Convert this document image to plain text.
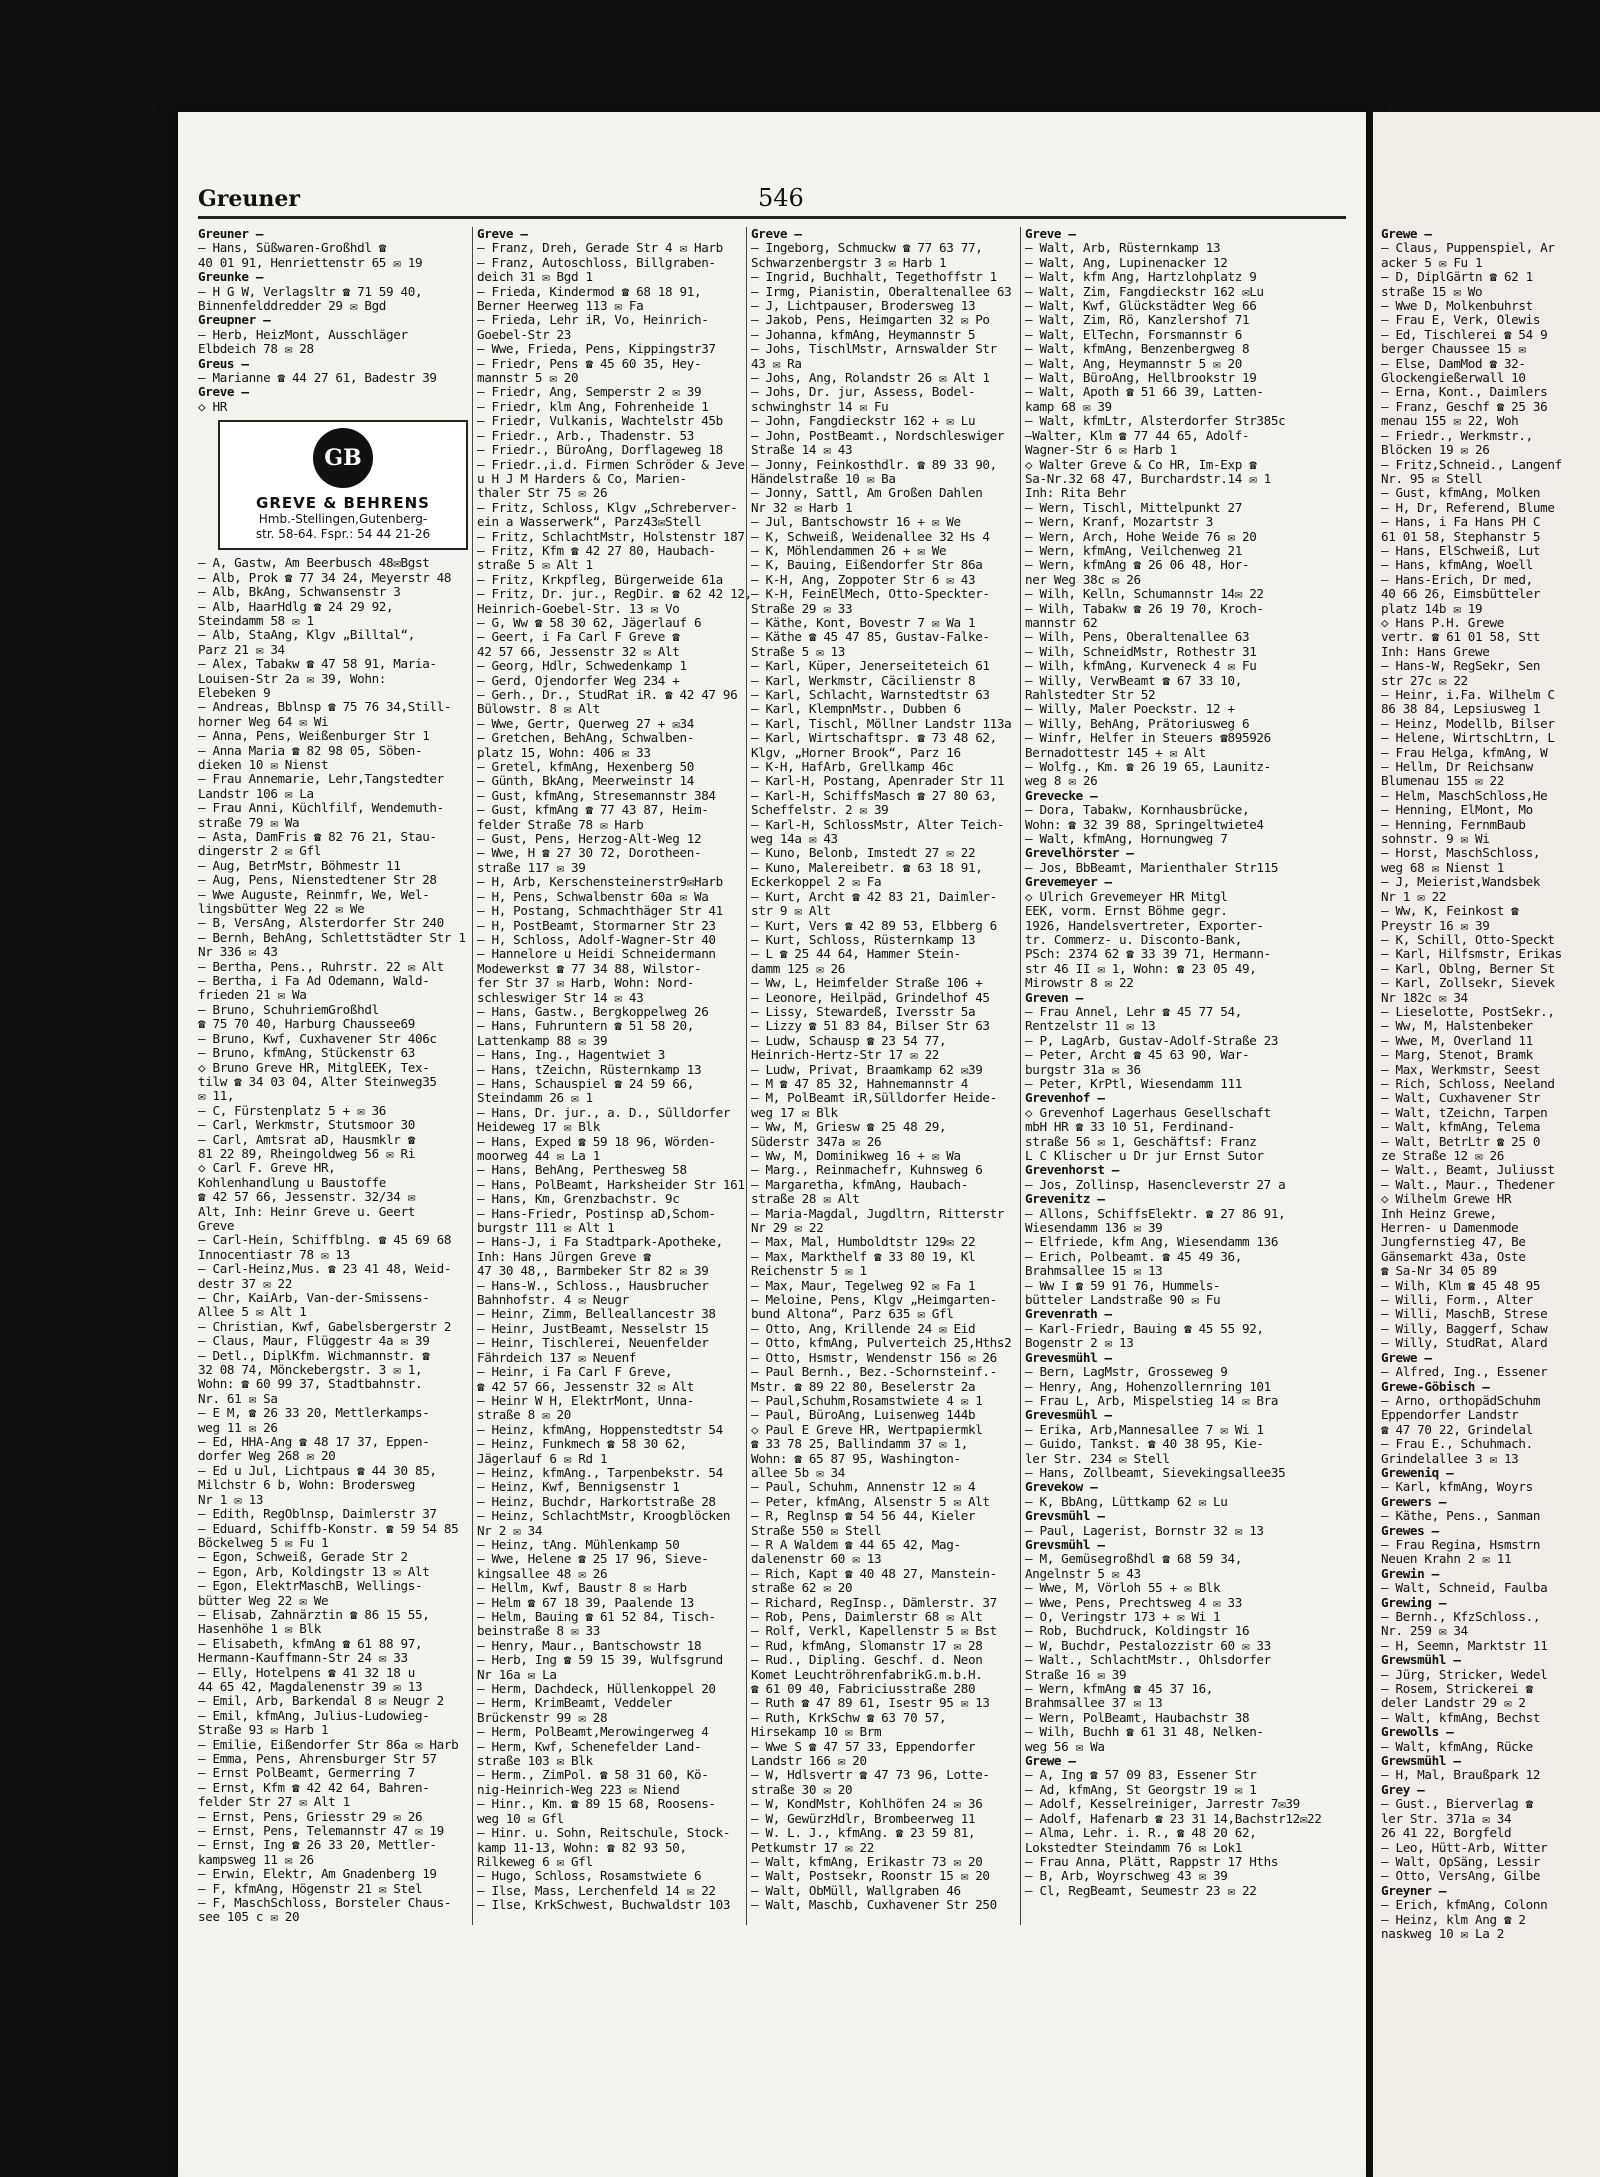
Greuner	546
Greuner —
— Hans, Süßwaren-Großhdl ☎
40 01 91, Henriettenstr 65 ✉ 19
Greunke —
— H G W, Verlagsltr ☎ 71 59 40,
Binnenfelddredder 29 ✉ Bgd
Greupner —
— Herb, HeizMont, Ausschläger
Elbdeich 78 ✉ 28
Greus —
— Marianne ☎ 44 27 61, Badestr 39
Greve —
◇ HR
GB
GREVE & BEHRENS
Hmb.-Stellingen,Gutenberg-
str. 58-64. Fspr.: 54 44 21-26
— A, Gastw, Am Beerbusch 48✉Bgst
— Alb, Prok ☎ 77 34 24, Meyerstr 48
— Alb, BkAng, Schwansenstr 3
— Alb, HaarHdlg ☎ 24 29 92,
Steindamm 58 ✉ 1
— Alb, StaAng, Klgv „Billtal“,
Parz 21 ✉ 34
— Alex, Tabakw ☎ 47 58 91, Maria-
Louisen-Str 2a ✉ 39, Wohn:
Elebeken 9
— Andreas, Bblnsp ☎ 75 76 34,Still-
horner Weg 64 ✉ Wi
— Anna, Pens, Weißenburger Str 1
— Anna Maria ☎ 82 98 05, Söben-
dieken 10 ✉ Nienst
— Frau Annemarie, Lehr,Tangstedter
Landstr 106 ✉ La
— Frau Anni, Küchlfilf, Wendemuth-
straße 79 ✉ Wa
— Asta, DamFris ☎ 82 76 21, Stau-
dingerstr 2 ✉ Gfl
— Aug, BetrMstr, Böhmestr 11
— Aug, Pens, Nienstedtener Str 28
— Wwe Auguste, Reinmfr, We, Wel-
lingsbütter Weg 22 ✉ We
— B, VersAng, Alsterdorfer Str 240
— Bernh, BehAng, Schlettstädter Str 1
Nr 336 ✉ 43
— Bertha, Pens., Ruhrstr. 22 ✉ Alt
— Bertha, i Fa Ad Odemann, Wald-
frieden 21 ✉ Wa
— Bruno, SchuhriemGroßhdl
☎ 75 70 40, Harburg Chaussee69
— Bruno, Kwf, Cuxhavener Str 406c
— Bruno, kfmAng, Stückenstr 63
◇ Bruno Greve HR, MitglEEK, Tex-
tilw ☎ 34 03 04, Alter Steinweg35
✉ 11,
— C, Fürstenplatz 5 + ✉ 36
— Carl, Werkmstr, Stutsmoor 30
— Carl, Amtsrat aD, Hausmklr ☎
81 22 89, Rheingoldweg 56 ✉ Ri
◇ Carl F. Greve HR,
Kohlenhandlung u Baustoffe
☎ 42 57 66, Jessenstr. 32/34 ✉
Alt, Inh: Heinr Greve u. Geert
Greve
— Carl-Hein, Schiffblng. ☎ 45 69 68
Innocentiastr 78 ✉ 13
— Carl-Heinz,Mus. ☎ 23 41 48, Weid-
destr 37 ✉ 22
— Chr, KaiArb, Van-der-Smissens-
Allee 5 ✉ Alt 1
— Christian, Kwf, Gabelsbergerstr 2
— Claus, Maur, Flüggestr 4a ✉ 39
— Detl., DiplKfm. Wichmannstr. ☎
32 08 74, Mönckebergstr. 3 ✉ 1,
Wohn: ☎ 60 99 37, Stadtbahnstr.
Nr. 61 ✉ Sa
— E M, ☎ 26 33 20, Mettlerkamps-
weg 11 ✉ 26
— Ed, HHA-Ang ☎ 48 17 37, Eppen-
dorfer Weg 268 ✉ 20
— Ed u Jul, Lichtpaus ☎ 44 30 85,
Milchstr 6 b, Wohn: Brodersweg
Nr 1 ✉ 13
— Edith, RegOblnsp, Daimlerstr 37
— Eduard, Schiffb-Konstr. ☎ 59 54 85
Böckelweg 5 ✉ Fu 1
— Egon, Schweiß, Gerade Str 2
— Egon, Arb, Koldingstr 13 ✉ Alt
— Egon, ElektrMaschB, Wellings-
bütter Weg 22 ✉ We
— Elisab, Zahnärztin ☎ 86 15 55,
Hasenhöhe 1 ✉ Blk
— Elisabeth, kfmAng ☎ 61 88 97,
Hermann-Kauffmann-Str 24 ✉ 33
— Elly, Hotelpens ☎ 41 32 18 u
44 65 42, Magdalenenstr 39 ✉ 13
— Emil, Arb, Barkendal 8 ✉ Neugr 2
— Emil, kfmAng, Julius-Ludowieg-
Straße 93 ✉ Harb 1
— Emilie, Eißendorfer Str 86a ✉ Harb
— Emma, Pens, Ahrensburger Str 57
— Ernst PolBeamt, Germerring 7
— Ernst, Kfm ☎ 42 42 64, Bahren-
felder Str 27 ✉ Alt 1
— Ernst, Pens, Griesstr 29 ✉ 26
— Ernst, Pens, Telemannstr 47 ✉ 19
— Ernst, Ing ☎ 26 33 20, Mettler-
kampsweg 11 ✉ 26
— Erwin, Elektr, Am Gnadenberg 19
— F, kfmAng, Högenstr 21 ✉ Stel
— F, MaschSchloss, Borsteler Chaus-
see 105 c ✉ 20
Greve —
— Franz, Dreh, Gerade Str 4 ✉ Harb
— Franz, Autoschloss, Billgraben-
deich 31 ✉ Bgd 1
— Frieda, Kindermod ☎ 68 18 91,
Berner Heerweg 113 ✉ Fa
— Frieda, Lehr iR, Vo, Heinrich-
Goebel-Str 23
— Wwe, Frieda, Pens, Kippingstr37
— Friedr, Pens ☎ 45 60 35, Hey-
mannstr 5 ✉ 20
— Friedr, Ang, Semperstr 2 ✉ 39
— Friedr, klm Ang, Fohrenheide 1
— Friedr, Vulkanis, Wachtelstr 45b
— Friedr., Arb., Thadenstr. 53
— Friedr., BüroAng, Dorflageweg 18
— Friedr.,i.d. Firmen Schröder & Jeve
u H J M Harders & Co, Marien-
thaler Str 75 ✉ 26
— Fritz, Schloss, Klgv „Schreberver-
ein a Wasserwerk“, Parz43✉Stell
— Fritz, SchlachtMstr, Holstenstr 187
— Fritz, Kfm ☎ 42 27 80, Haubach-
straße 5 ✉ Alt 1
— Fritz, Krkpfleg, Bürgerweide 61a
— Fritz, Dr. jur., RegDir. ☎ 62 42 12,
Heinrich-Goebel-Str. 13 ✉ Vo
— G, Ww ☎ 58 30 62, Jägerlauf 6
— Geert, i Fa Carl F Greve ☎
42 57 66, Jessenstr 32 ✉ Alt
— Georg, Hdlr, Schwedenkamp 1
— Gerd, Ojendorfer Weg 234 +
— Gerh., Dr., StudRat iR. ☎ 42 47 96
Bülowstr. 8 ✉ Alt
— Wwe, Gertr, Querweg 27 + ✉34
— Gretchen, BehAng, Schwalben-
platz 15, Wohn: 406 ✉ 33
— Gretel, kfmAng, Hexenberg 50
— Günth, BkAng, Meerweinstr 14
— Gust, kfmAng, Stresemannstr 384
— Gust, kfmAng ☎ 77 43 87, Heim-
felder Straße 78 ✉ Harb
— Gust, Pens, Herzog-Alt-Weg 12
— Wwe, H ☎ 27 30 72, Dorotheen-
straße 117 ✉ 39
— H, Arb, Kerschensteinerstr9✉Harb
— H, Pens, Schwalbenstr 60a ✉ Wa
— H, Postang, Schmachthäger Str 41
— H, PostBeamt, Stormarner Str 23
— H, Schloss, Adolf-Wagner-Str 40
— Hannelore u Heidi Schneidermann
Modewerkst ☎ 77 34 88, Wilstor-
fer Str 37 ✉ Harb, Wohn: Nord-
schleswiger Str 14 ✉ 43
— Hans, Gastw., Bergkoppelweg 26
— Hans, Fuhruntern ☎ 51 58 20,
Lattenkamp 88 ✉ 39
— Hans, Ing., Hagentwiet 3
— Hans, tZeichn, Rüsternkamp 13
— Hans, Schauspiel ☎ 24 59 66,
Steindamm 26 ✉ 1
— Hans, Dr. jur., a. D., Sülldorfer
Heideweg 17 ✉ Blk
— Hans, Exped ☎ 59 18 96, Wörden-
moorweg 44 ✉ La 1
— Hans, BehAng, Perthesweg 58
— Hans, PolBeamt, Harksheider Str 161
— Hans, Km, Grenzbachstr. 9c
— Hans-Friedr, Postinsp aD,Schom-
burgstr 111 ✉ Alt 1
— Hans-J, i Fa Stadtpark-Apotheke,
Inh: Hans Jürgen Greve ☎
47 30 48,, Barmbeker Str 82 ✉ 39
— Hans-W., Schloss., Hausbrucher
Bahnhofstr. 4 ✉ Neugr
— Heinr, Zimm, Belleallancestr 38
— Heinr, JustBeamt, Nesselstr 15
— Heinr, Tischlerei, Neuenfelder
Fährdeich 137 ✉ Neuenf
— Heinr, i Fa Carl F Greve,
☎ 42 57 66, Jessenstr 32 ✉ Alt
— Heinr W H, ElektrMont, Unna-
straße 8 ✉ 20
— Heinz, kfmAng, Hoppenstedtstr 54
— Heinz, Funkmech ☎ 58 30 62,
Jägerlauf 6 ✉ Rd 1
— Heinz, kfmAng., Tarpenbekstr. 54
— Heinz, Kwf, Bennigsenstr 1
— Heinz, Buchdr, Harkortstraße 28
— Heinz, SchlachtMstr, Kroogblöcken
Nr 2 ✉ 34
— Heinz, tAng. Mühlenkamp 50
— Wwe, Helene ☎ 25 17 96, Sieve-
kingsallee 48 ✉ 26
— Hellm, Kwf, Baustr 8 ✉ Harb
— Helm ☎ 67 18 39, Paalende 13
— Helm, Bauing ☎ 61 52 84, Tisch-
beinstraße 8 ✉ 33
— Henry, Maur., Bantschowstr 18
— Herb, Ing ☎ 59 15 39, Wulfsgrund
Nr 16a ✉ La
— Herm, Dachdeck, Hüllenkoppel 20
— Herm, KrimBeamt, Veddeler
Brückenstr 99 ✉ 28
— Herm, PolBeamt,Merowingerweg 4
— Herm, Kwf, Schenefelder Land-
straße 103 ✉ Blk
— Herm., ZimPol. ☎ 58 31 60, Kö-
nig-Heinrich-Weg 223 ✉ Niend
— Hinr., Km. ☎ 89 15 68, Roosens-
weg 10 ✉ Gfl
— Hinr. u. Sohn, Reitschule, Stock-
kamp 11-13, Wohn: ☎ 82 93 50,
Rilkeweg 6 ✉ Gfl
— Hugo, Schloss, Rosamstwiete 6
— Ilse, Mass, Lerchenfeld 14 ✉ 22
— Ilse, KrkSchwest, Buchwaldstr 103
Greve —
— Ingeborg, Schmuckw ☎ 77 63 77,
Schwarzenbergstr 3 ✉ Harb 1
— Ingrid, Buchhalt, Tegethoffstr 1
— Irmg, Pianistin, Oberaltenallee 63
— J, Lichtpauser, Brodersweg 13
— Jakob, Pens, Heimgarten 32 ✉ Po
— Johanna, kfmAng, Heymannstr 5
— Johs, TischlMstr, Arnswalder Str
43 ✉ Ra
— Johs, Ang, Rolandstr 26 ✉ Alt 1
— Johs, Dr. jur, Assess, Bodel-
schwinghstr 14 ✉ Fu
— John, Fangdieckstr 162 + ✉ Lu
— John, PostBeamt., Nordschleswiger
Straße 14 ✉ 43
— Jonny, Feinkosthdlr. ☎ 89 33 90,
Händelstraße 10 ✉ Ba
— Jonny, Sattl, Am Großen Dahlen
Nr 32 ✉ Harb 1
— Jul, Bantschowstr 16 + ✉ We
— K, Schweiß, Weidenallee 32 Hs 4
— K, Möhlendammen 26 + ✉ We
— K, Bauing, Eißendorfer Str 86a
— K-H, Ang, Zoppoter Str 6 ✉ 43
— K-H, FeinElMech, Otto-Speckter-
Straße 29 ✉ 33
— Käthe, Kont, Bovestr 7 ✉ Wa 1
— Käthe ☎ 45 47 85, Gustav-Falke-
Straße 5 ✉ 13
— Karl, Küper, Jenerseiteteich 61
— Karl, Werkmstr, Cäcilienstr 8
— Karl, Schlacht, Warnstedtstr 63
— Karl, KlempnMstr., Dubben 6
— Karl, Tischl, Möllner Landstr 113a
— Karl, Wirtschaftspr. ☎ 73 48 62,
Klgv, „Horner Brook“, Parz 16
— K-H, HafArb, Grellkamp 46c
— Karl-H, Postang, Apenrader Str 11
— Karl-H, SchiffsMasch ☎ 27 80 63,
Scheffelstr. 2 ✉ 39
— Karl-H, SchlossMstr, Alter Teich-
weg 14a ✉ 43
— Kuno, Belonb, Imstedt 27 ✉ 22
— Kuno, Malereibetr. ☎ 63 18 91,
Eckerkoppel 2 ✉ Fa
— Kurt, Archt ☎ 42 83 21, Daimler-
str 9 ✉ Alt
— Kurt, Vers ☎ 42 89 53, Elbberg 6
— Kurt, Schloss, Rüsternkamp 13
— L ☎ 25 44 64, Hammer Stein-
damm 125 ✉ 26
— Ww, L, Heimfelder Straße 106 +
— Leonore, Heilpäd, Grindelhof 45
— Lissy, Stewardeß, Iversstr 5a
— Lizzy ☎ 51 83 84, Bilser Str 63
— Ludw, Schausp ☎ 23 54 77,
Heinrich-Hertz-Str 17 ✉ 22
— Ludw, Privat, Braamkamp 62 ✉39
— M ☎ 47 85 32, Hahnemannstr 4
— M, PolBeamt iR,Sülldorfer Heide-
weg 17 ✉ Blk
— Ww, M, Griesw ☎ 25 48 29,
Süderstr 347a ✉ 26
— Ww, M, Dominikweg 16 + ✉ Wa
— Marg., Reinmachefr, Kuhnsweg 6
— Margaretha, kfmAng, Haubach-
straße 28 ✉ Alt
— Maria-Magdal, Jugdltrn, Ritterstr
Nr 29 ✉ 22
— Max, Mal, Humboldtstr 129✉ 22
— Max, Markthelf ☎ 33 80 19, Kl
Reichenstr 5 ✉ 1
— Max, Maur, Tegelweg 92 ✉ Fa 1
— Meloine, Pens, Klgv „Heimgarten-
bund Altona“, Parz 635 ✉ Gfl
— Otto, Ang, Krillende 24 ✉ Eid
— Otto, kfmAng, Pulverteich 25,Hths2
— Otto, Hsmstr, Wendenstr 156 ✉ 26
— Paul Bernh., Bez.-Schornsteinf.-
Mstr. ☎ 89 22 80, Beselerstr 2a
— Paul,Schuhm,Rosamstwiete 4 ✉ 1
— Paul, BüroAng, Luisenweg 144b
◇ Paul E Greve HR, Wertpapiermkl
☎ 33 78 25, Ballindamm 37 ✉ 1,
Wohn: ☎ 65 87 95, Washington-
allee 5b ✉ 34
— Paul, Schuhm, Annenstr 12 ✉ 4
— Peter, kfmAng, Alsenstr 5 ✉ Alt
— R, Reglnsp ☎ 54 56 44, Kieler
Straße 550 ✉ Stell
— R A Waldem ☎ 44 65 42, Mag-
dalenenstr 60 ✉ 13
— Rich, Kapt ☎ 40 48 27, Manstein-
straße 62 ✉ 20
— Richard, RegInsp., Dämlerstr. 37
— Rob, Pens, Daimlerstr 68 ✉ Alt
— Rolf, Verkl, Kapellenstr 5 ✉ Bst
— Rud, kfmAng, Slomanstr 17 ✉ 28
— Rud., Dipling. Geschf. d. Neon
Komet LeuchtröhrenfabrikG.m.b.H.
☎ 61 09 40, Fabriciusstraße 280
— Ruth ☎ 47 89 61, Isestr 95 ✉ 13
— Ruth, KrkSchw ☎ 63 70 57,
Hirsekamp 10 ✉ Brm
— Wwe S ☎ 47 57 33, Eppendorfer
Landstr 166 ✉ 20
— W, Hdlsvertr ☎ 47 73 96, Lotte-
straße 30 ✉ 20
— W, KondMstr, Kohlhöfen 24 ✉ 36
— W, GewürzHdlr, Brombeerweg 11
— W. L. J., kfmAng. ☎ 23 59 81,
Petkumstr 17 ✉ 22
— Walt, kfmAng, Erikastr 73 ✉ 20
— Walt, Postsekr, Roonstr 15 ✉ 20
— Walt, ObMüll, Wallgraben 46
— Walt, Maschb, Cuxhavener Str 250
Greve —
— Walt, Arb, Rüsternkamp 13
— Walt, Ang, Lupinenacker 12
— Walt, kfm Ang, Hartzlohplatz 9
— Walt, Zim, Fangdieckstr 162 ✉Lu
— Walt, Kwf, Glückstädter Weg 66
— Walt, Zim, Rö, Kanzlershof 71
— Walt, ElTechn, Forsmannstr 6
— Walt, kfmAng, Benzenbergweg 8
— Walt, Ang, Heymannstr 5 ✉ 20
— Walt, BüroAng, Hellbrookstr 19
— Walt, Apoth ☎ 51 66 39, Latten-
kamp 68 ✉ 39
— Walt, kfmLtr, Alsterdorfer Str385c
—Walter, Klm ☎ 77 44 65, Adolf-
Wagner-Str 6 ✉ Harb 1
◇ Walter Greve & Co HR, Im-Exp ☎
Sa-Nr.32 68 47, Burchardstr.14 ✉ 1
Inh: Rita Behr
— Wern, Tischl, Mittelpunkt 27
— Wern, Kranf, Mozartstr 3
— Wern, Arch, Hohe Weide 76 ✉ 20
— Wern, kfmAng, Veilchenweg 21
— Wern, kfmAng ☎ 26 06 48, Hor-
ner Weg 38c ✉ 26
— Wilh, Kelln, Schumannstr 14✉ 22
— Wilh, Tabakw ☎ 26 19 70, Kroch-
mannstr 62
— Wilh, Pens, Oberaltenallee 63
— Wilh, SchneidMstr, Rothestr 31
— Wilh, kfmAng, Kurveneck 4 ✉ Fu
— Willy, VerwBeamt ☎ 67 33 10,
Rahlstedter Str 52
— Willy, Maler Poeckstr. 12 +
— Willy, BehAng, Prätoriusweg 6
— Winfr, Helfer in Steuers ☎895926
Bernadottestr 145 + ✉ Alt
— Wolfg., Km. ☎ 26 19 65, Launitz-
weg 8 ✉ 26
Grevecke —
— Dora, Tabakw, Kornhausbrücke,
Wohn: ☎ 32 39 88, Springeltwiete4
— Walt, kfmAng, Hornungweg 7
Grevelhörster —
— Jos, BbBeamt, Marienthaler Str115
Grevemeyer —
◇ Ulrich Grevemeyer HR Mitgl
EEK, vorm. Ernst Böhme gegr.
1926, Handelsvertreter, Exporter-
tr. Commerz- u. Disconto-Bank,
PSch: 2374 62 ☎ 33 39 71, Hermann-
str 46 II ✉ 1, Wohn: ☎ 23 05 49,
Mirowstr 8 ✉ 22
Greven —
— Frau Annel, Lehr ☎ 45 77 54,
Rentzelstr 11 ✉ 13
— P, LagArb, Gustav-Adolf-Straße 23
— Peter, Archt ☎ 45 63 90, War-
burgstr 31a ✉ 36
— Peter, KrPtl, Wiesendamm 111
Grevenhof —
◇ Grevenhof Lagerhaus Gesellschaft
mbH HR ☎ 33 10 51, Ferdinand-
straße 56 ✉ 1, Geschäftsf: Franz
L C Klischer u Dr jur Ernst Sutor
Grevenhorst —
— Jos, Zollinsp, Hasencleverstr 27 a
Grevenitz —
— Allons, SchiffsElektr. ☎ 27 86 91,
Wiesendamm 136 ✉ 39
— Elfriede, kfm Ang, Wiesendamm 136
— Erich, Polbeamt. ☎ 45 49 36,
Brahmsallee 15 ✉ 13
— Ww I ☎ 59 91 76, Hummels-
bütteler Landstraße 90 ✉ Fu
Grevenrath —
— Karl-Friedr, Bauing ☎ 45 55 92,
Bogenstr 2 ✉ 13
Grevesmühl —
— Bern, LagMstr, Grosseweg 9
— Henry, Ang, Hohenzollernring 101
— Frau L, Arb, Mispelstieg 14 ✉ Bra
Grevesmühl —
— Erika, Arb,Mannesallee 7 ✉ Wi 1
— Guido, Tankst. ☎ 40 38 95, Kie-
ler Str. 234 ✉ Stell
— Hans, Zollbeamt, Sievekingsallee35
Grevekow —
— K, BbAng, Lüttkamp 62 ✉ Lu
Grevsmühl —
— Paul, Lagerist, Bornstr 32 ✉ 13
Grevsmühl —
— M, Gemüsegroßhdl ☎ 68 59 34,
Angelnstr 5 ✉ 43
— Wwe, M, Vörloh 55 + ✉ Blk
— Wwe, Pens, Prechtsweg 4 ✉ 33
— O, Veringstr 173 + ✉ Wi 1
— Rob, Buchdruck, Koldingstr 16
— W, Buchdr, Pestalozzistr 60 ✉ 33
— Walt., SchlachtMstr., Ohlsdorfer
Straße 16 ✉ 39
— Wern, kfmAng ☎ 45 37 16,
Brahmsallee 37 ✉ 13
— Wern, PolBeamt, Haubachstr 38
— Wilh, Buchh ☎ 61 31 48, Nelken-
weg 56 ✉ Wa
Grewe —
— A, Ing ☎ 57 09 83, Essener Str
— Ad, kfmAng, St Georgstr 19 ✉ 1
— Adolf, Kesselreiniger, Jarrestr 7✉39
— Adolf, Hafenarb ☎ 23 31 14,Bachstr12✉22
— Alma, Lehr. i. R., ☎ 48 20 62,
Lokstedter Steindamm 76 ✉ Lok1
— Frau Anna, Plätt, Rappstr 17 Hths
— B, Arb, Woyrschweg 43 ✉ 39
— Cl, RegBeamt, Seumestr 23 ✉ 22
Grewe —
— Claus, Puppenspiel, Ar
acker 5 ✉ Fu 1
— D, DiplGärtn ☎ 62 1
straße 15 ✉ Wo
— Wwe D, Molkenbuhrst
— Frau E, Verk, Olewis
— Ed, Tischlerei ☎ 54 9
berger Chaussee 15 ✉
— Else, DamMod ☎ 32-
Glockengießerwall 10
— Erna, Kont., Daimlers
— Franz, Geschf ☎ 25 36
menau 155 ✉ 22, Woh
— Friedr., Werkmstr.,
Blöcken 19 ✉ 26
— Fritz,Schneid., Langenf
Nr. 95 ✉ Stell
— Gust, kfmAng, Molken
— H, Dr, Referend, Blume
— Hans, i Fa Hans PH C
61 01 58, Stephanstr 5
— Hans, ElSchweiß, Lut
— Hans, kfmAng, Woell
— Hans-Erich, Dr med,
40 66 26, Eimsbütteler
platz 14b ✉ 19
◇ Hans P.H. Grewe
vertr. ☎ 61 01 58, Stt
Inh: Hans Grewe
— Hans-W, RegSekr, Sen
str 27c ✉ 22
— Heinr, i.Fa. Wilhelm C
86 38 84, Lepsiusweg 1
— Heinz, Modellb, Bilser
— Helene, WirtschLtrn, L
— Frau Helga, kfmAng, W
— Hellm, Dr Reichsanw
Blumenau 155 ✉ 22
— Helm, MaschSchloss,He
— Henning, ElMont, Mo
— Henning, FernmBaub
sohnstr. 9 ✉ Wi
— Horst, MaschSchloss,
weg 68 ✉ Nienst 1
— J, Meierist,Wandsbek
Nr 1 ✉ 22
— Ww, K, Feinkost ☎
Preystr 16 ✉ 39
— K, Schill, Otto-Speckt
— Karl, Hilfsmstr, Erikas
— Karl, Oblng, Berner St
— Karl, Zollsekr, Sievek
Nr 182c ✉ 34
— Lieselotte, PostSekr.,
— Ww, M, Halstenbeker
— Wwe, M, Overland 11
— Marg, Stenot, Bramk
— Max, Werkmstr, Seest
— Rich, Schloss, Neeland
— Walt, Cuxhavener Str
— Walt, tZeichn, Tarpen
— Walt, kfmAng, Telema
— Walt, BetrLtr ☎ 25 0
ze Straße 12 ✉ 26
— Walt., Beamt, Juliusst
— Walt., Maur., Thedener
◇ Wilhelm Grewe HR
Inh Heinz Grewe,
Herren- u Damenmode
Jungfernstieg 47, Be
Gänsemarkt 43a, Oste
☎ Sa-Nr 34 05 89
— Wilh, Klm ☎ 45 48 95
— Willi, Form., Alter
— Willi, MaschB, Strese
— Willy, Baggerf, Schaw
— Willy, StudRat, Alard
Grewe —
— Alfred, Ing., Essener
Grewe-Göbisch —
— Arno, orthopädSchuhm
Eppendorfer Landstr
☎ 47 70 22, Grindelal
— Frau E., Schuhmach.
Grindelallee 3 ✉ 13
Greweniq —
— Karl, kfmAng, Woyrs
Grewers —
— Käthe, Pens., Sanman
Grewes —
— Frau Regina, Hsmstrn
Neuen Krahn 2 ✉ 11
Grewin —
— Walt, Schneid, Faulba
Grewing —
— Bernh., KfzSchloss.,
Nr. 259 ✉ 34
— H, Seemn, Marktstr 11
Grewsmühl —
— Jürg, Stricker, Wedel
— Rosem, Strickerei ☎
deler Landstr 29 ✉ 2
— Walt, kfmAng, Bechst
Grewolls —
— Walt, kfmAng, Rücke
Grewsmühl —
— H, Mal, Braußpark 12
Grey —
— Gust., Bierverlag ☎
ler Str. 371a ✉ 34
26 41 22, Borgfeld
— Leo, Hütt-Arb, Witter
— Walt, OpSäng, Lessir
— Otto, VersAng, Gilbe
Greyner —
— Erich, kfmAng, Colonn
— Heinz, klm Ang ☎ 2
naskweg 10 ✉ La 2
